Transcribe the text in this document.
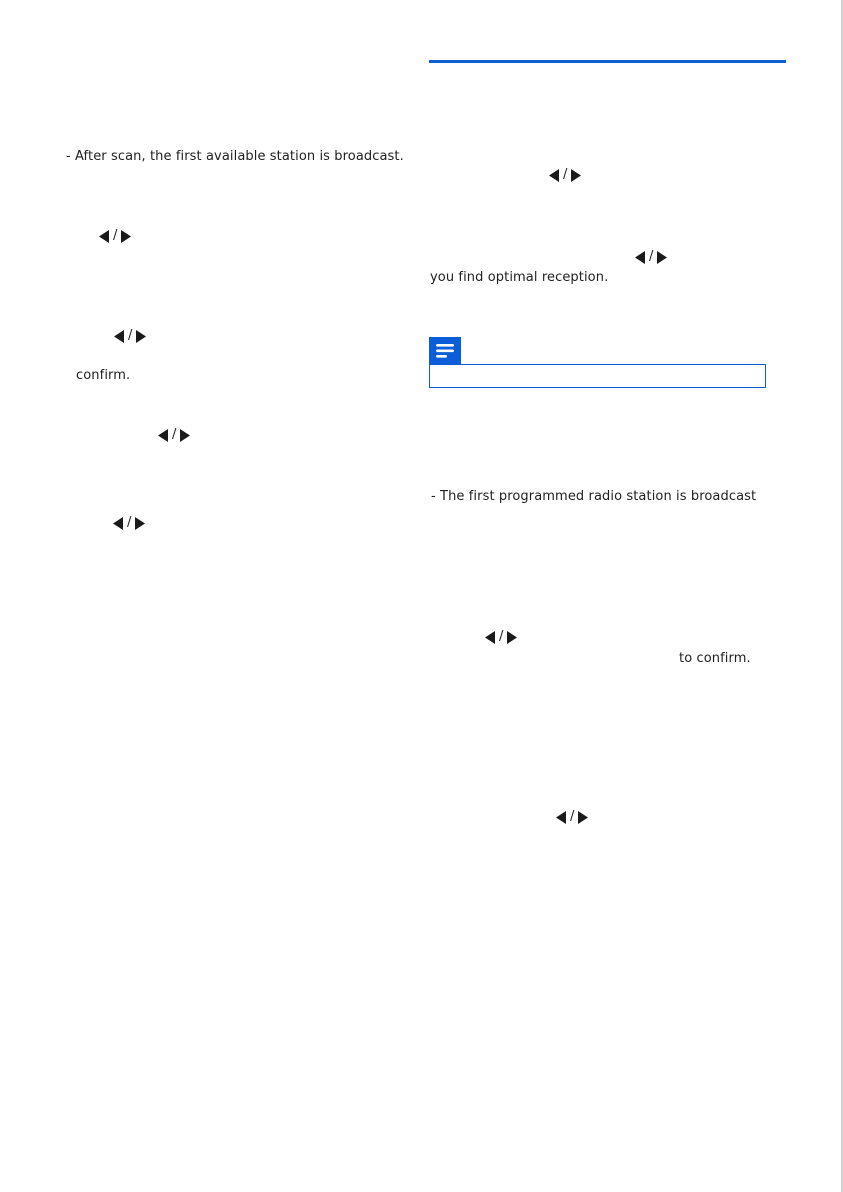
- After scan, the first available station is broadcast.
/
/
confirm.
/
/
/
/
you find optimal reception.
- The first programmed radio station is broadcast
/
to confirm.
/
